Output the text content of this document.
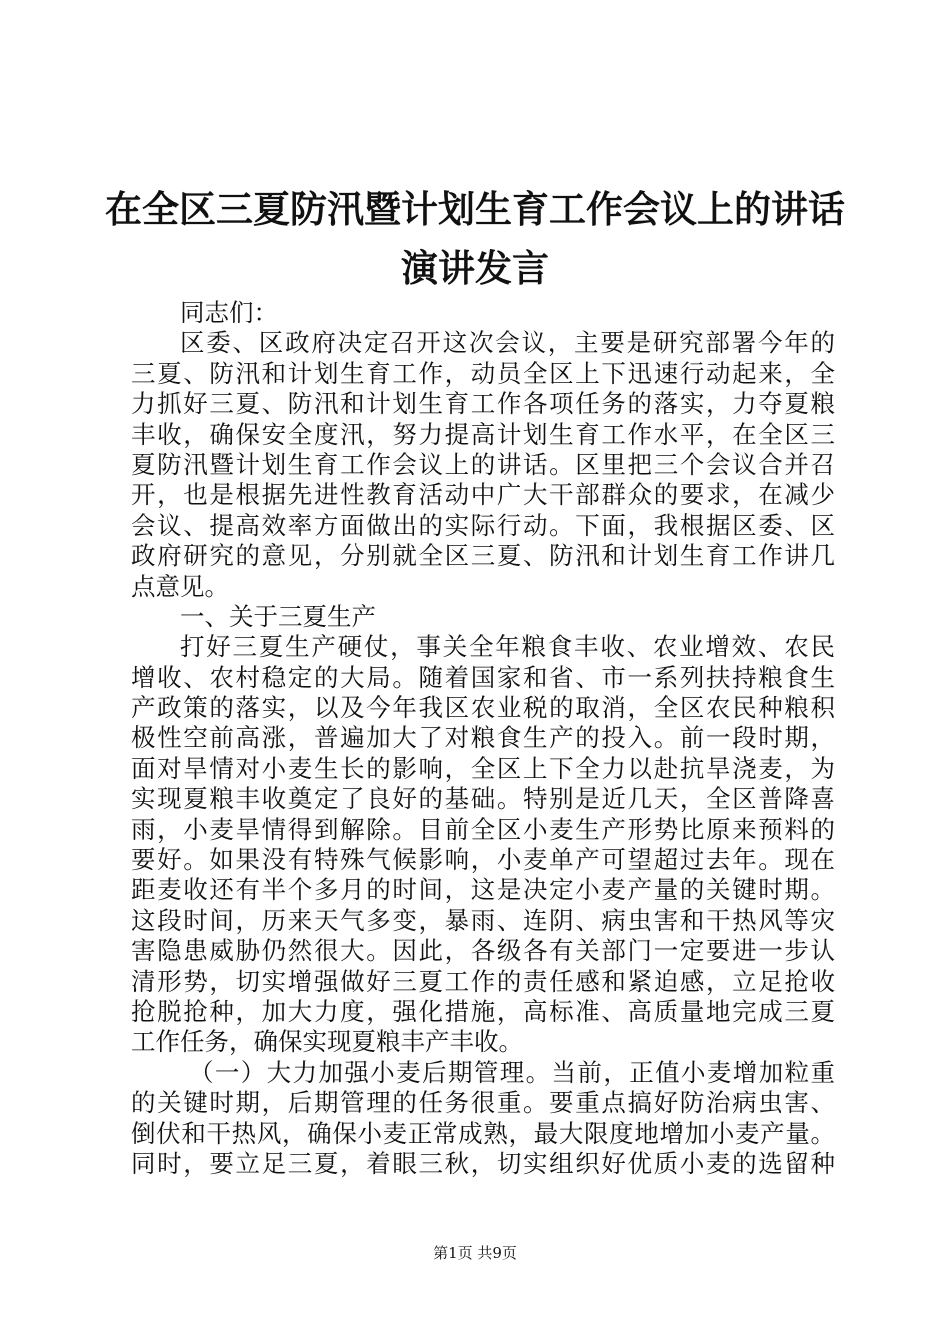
在全区三夏防汛暨计划生育工作会议上的讲话
演讲发言
同志们：
区委、区政府决定召开这次会议，主要是研究部署今年的
三夏、防汛和计划生育工作，动员全区上下迅速行动起来，全
力抓好三夏、防汛和计划生育工作各项任务的落实，力夺夏粮
丰收，确保安全度汛，努力提高计划生育工作水平，在全区三
夏防汛暨计划生育工作会议上的讲话。区里把三个会议合并召
开，也是根据先进性教育活动中广大干部群众的要求，在减少
会议、提高效率方面做出的实际行动。下面，我根据区委、区
政府研究的意见，分别就全区三夏、防汛和计划生育工作讲几
点意见。
一、关于三夏生产
打好三夏生产硬仗，事关全年粮食丰收、农业增效、农民
增收、农村稳定的大局。随着国家和省、市一系列扶持粮食生
产政策的落实，以及今年我区农业税的取消，全区农民种粮积
极性空前高涨，普遍加大了对粮食生产的投入。前一段时期，
面对旱情对小麦生长的影响，全区上下全力以赴抗旱浇麦，为
实现夏粮丰收奠定了良好的基础。特别是近几天，全区普降喜
雨，小麦旱情得到解除。目前全区小麦生产形势比原来预料的
要好。如果没有特殊气候影响，小麦单产可望超过去年。现在
距麦收还有半个多月的时间，这是决定小麦产量的关键时期。
这段时间，历来天气多变，暴雨、连阴、病虫害和干热风等灾
害隐患威胁仍然很大。因此，各级各有关部门一定要进一步认
清形势，切实增强做好三夏工作的责任感和紧迫感，立足抢收
抢脱抢种，加大力度，强化措施，高标准、高质量地完成三夏
工作任务，确保实现夏粮丰产丰收。
（一）大力加强小麦后期管理。当前，正值小麦增加粒重
的关键时期，后期管理的任务很重。要重点搞好防治病虫害、
倒伏和干热风，确保小麦正常成熟，最大限度地增加小麦产量。
同时，要立足三夏，着眼三秋，切实组织好优质小麦的选留种
第1页 共9页
